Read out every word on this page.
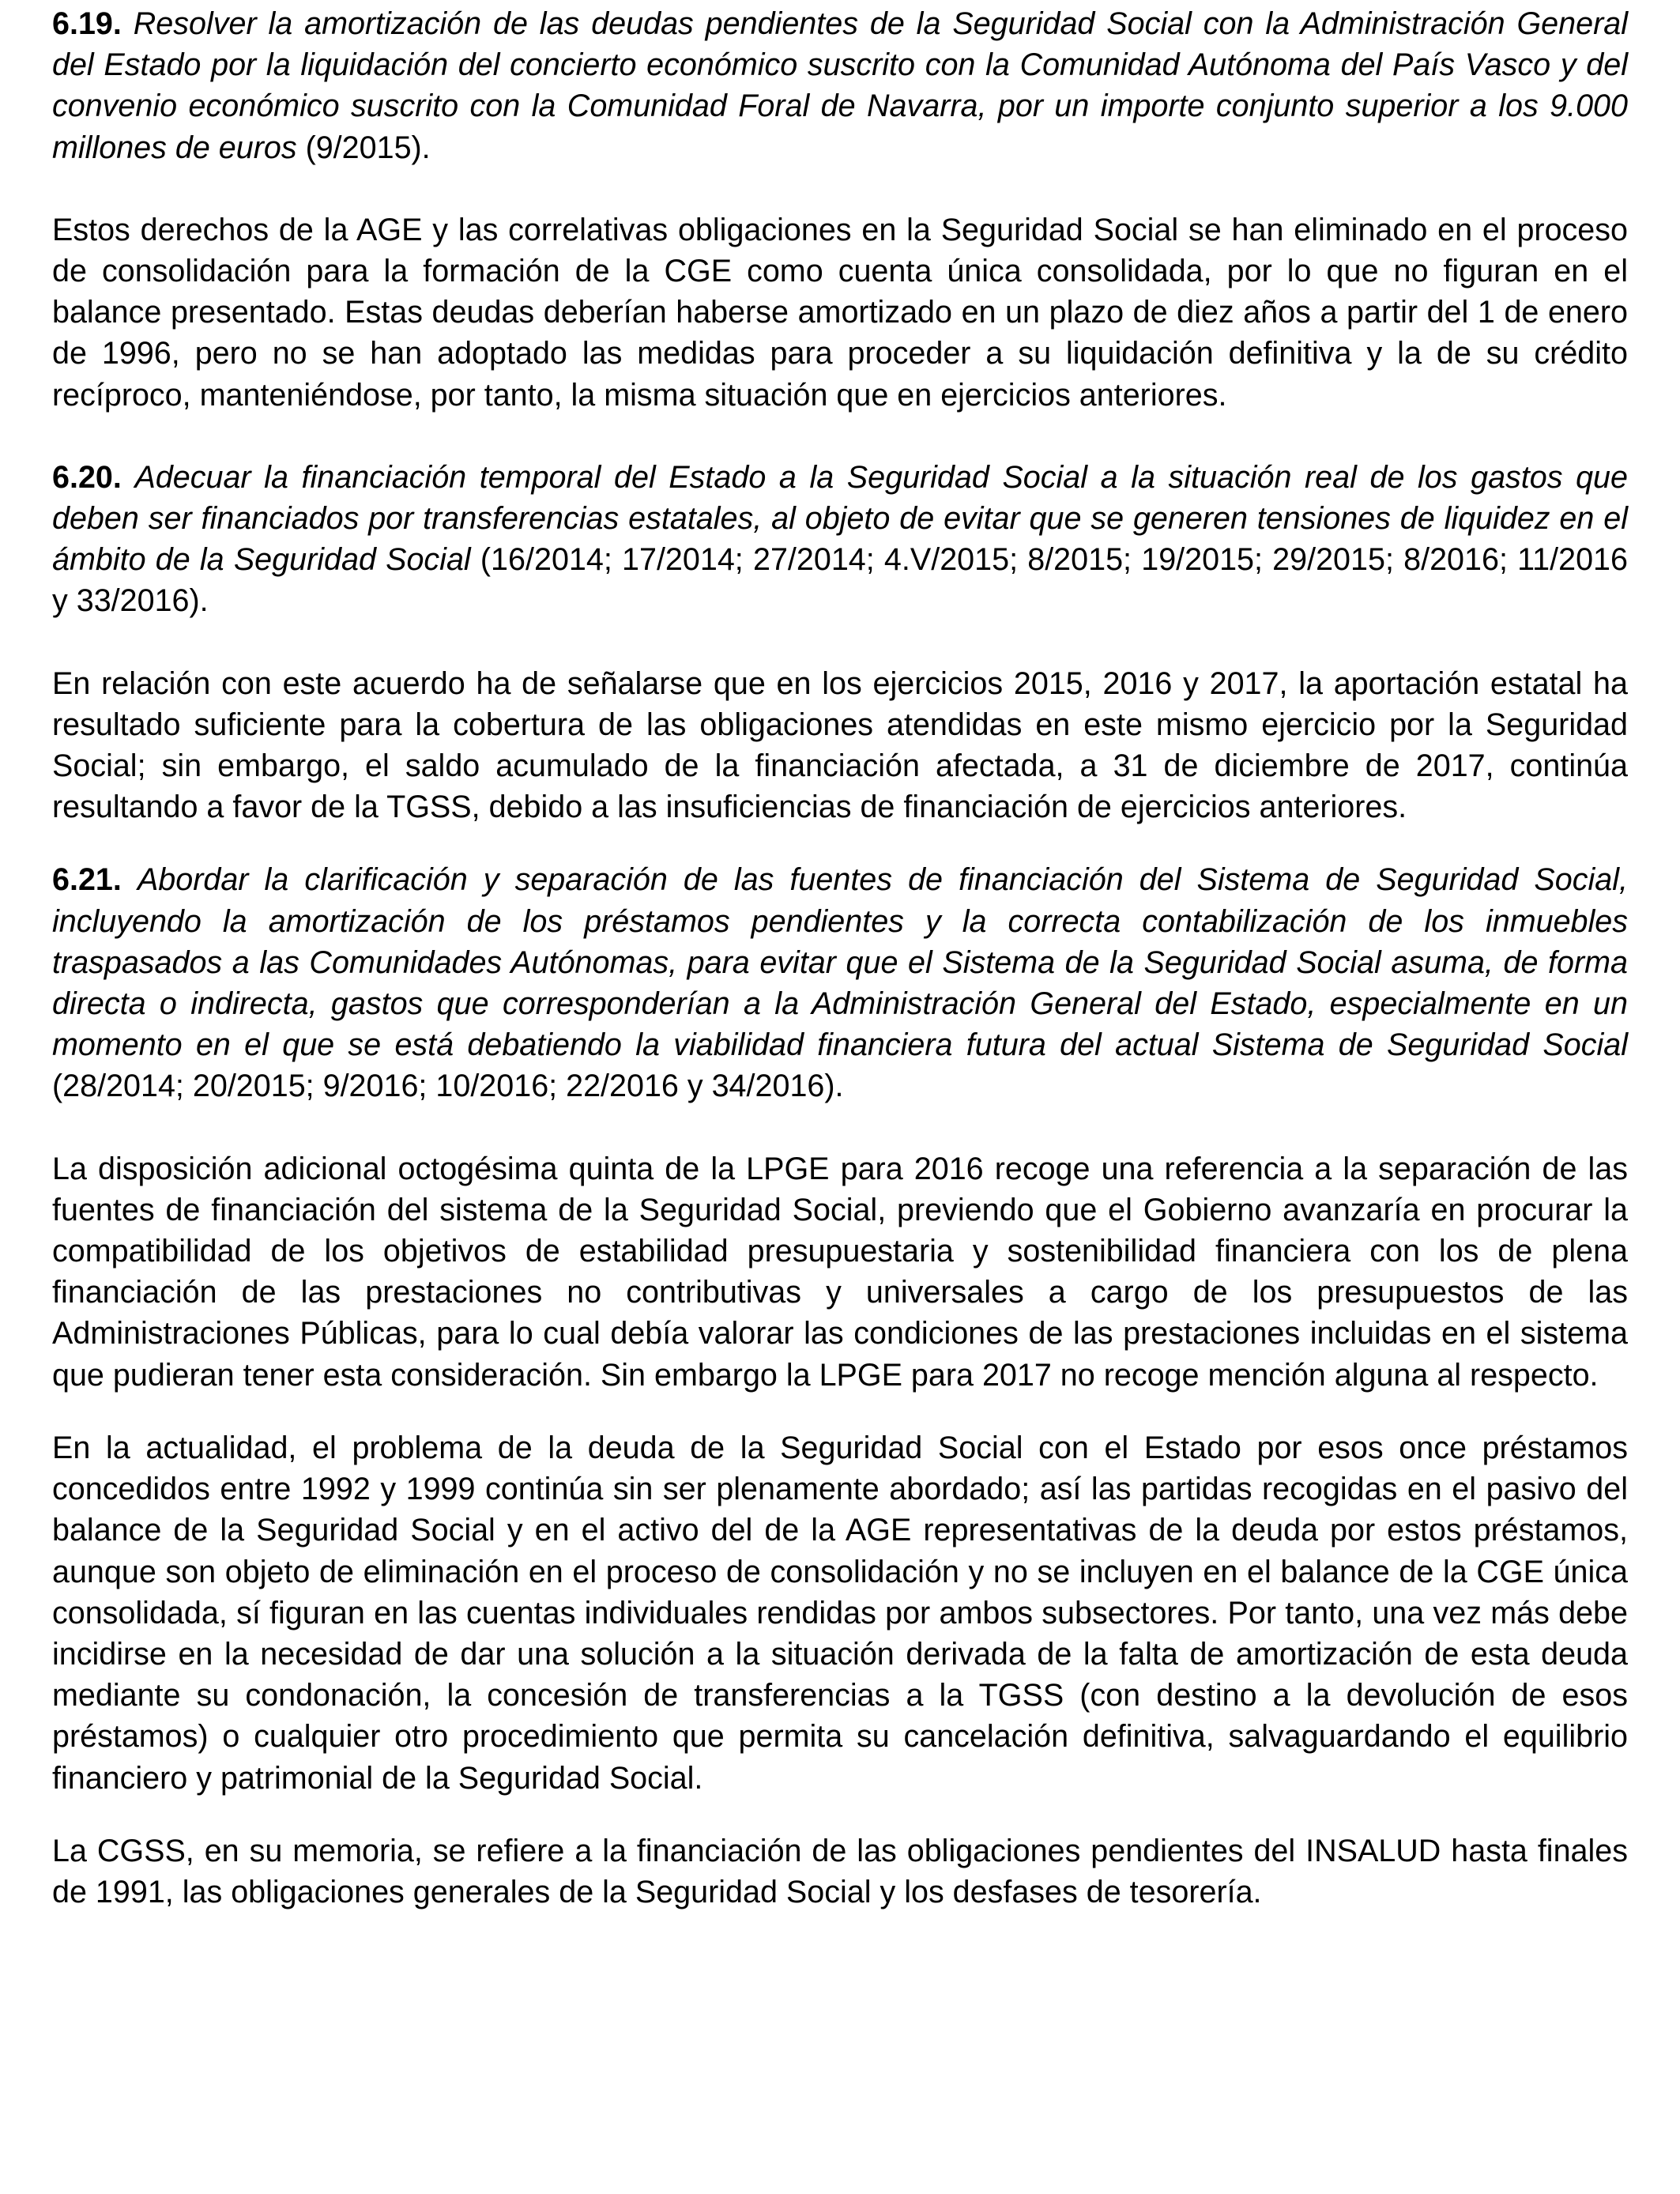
6.19. Resolver la amortización de las deudas pendientes de la Seguridad Social con la Administración General del Estado por la liquidación del concierto económico suscrito con la Comunidad Autónoma del País Vasco y del convenio económico suscrito con la Comunidad Foral de Navarra, por un importe conjunto superior a los 9.000 millones de euros (9/2015).

Estos derechos de la AGE y las correlativas obligaciones en la Seguridad Social se han eliminado en el proceso de consolidación para la formación de la CGE como cuenta única consolidada, por lo que no figuran en el balance presentado. Estas deudas deberían haberse amortizado en un plazo de diez años a partir del 1 de enero de 1996, pero no se han adoptado las medidas para proceder a su liquidación definitiva y la de su crédito recíproco, manteniéndose, por tanto, la misma situación que en ejercicios anteriores.

6.20. Adecuar la financiación temporal del Estado a la Seguridad Social a la situación real de los gastos que deben ser financiados por transferencias estatales, al objeto de evitar que se generen tensiones de liquidez en el ámbito de la Seguridad Social (16/2014; 17/2014; 27/2014; 4.V/2015; 8/2015; 19/2015; 29/2015; 8/2016; 11/2016 y 33/2016).

En relación con este acuerdo ha de señalarse que en los ejercicios 2015, 2016 y 2017, la aportación estatal ha resultado suficiente para la cobertura de las obligaciones atendidas en este mismo ejercicio por la Seguridad Social; sin embargo, el saldo acumulado de la financiación afectada, a 31 de diciembre de 2017, continúa resultando a favor de la TGSS, debido a las insuficiencias de financiación de ejercicios anteriores.

6.21. Abordar la clarificación y separación de las fuentes de financiación del Sistema de Seguridad Social, incluyendo la amortización de los préstamos pendientes y la correcta contabilización de los inmuebles traspasados a las Comunidades Autónomas, para evitar que el Sistema de la Seguridad Social asuma, de forma directa o indirecta, gastos que corresponderían a la Administración General del Estado, especialmente en un momento en el que se está debatiendo la viabilidad financiera futura del actual Sistema de Seguridad Social (28/2014; 20/2015; 9/2016; 10/2016; 22/2016 y 34/2016).

La disposición adicional octogésima quinta de la LPGE para 2016 recoge una referencia a la separación de las fuentes de financiación del sistema de la Seguridad Social, previendo que el Gobierno avanzaría en procurar la compatibilidad de los objetivos de estabilidad presupuestaria y sostenibilidad financiera con los de plena financiación de las prestaciones no contributivas y universales a cargo de los presupuestos de las Administraciones Públicas, para lo cual debía valorar las condiciones de las prestaciones incluidas en el sistema que pudieran tener esta consideración. Sin embargo la LPGE para 2017 no recoge mención alguna al respecto.

En la actualidad, el problema de la deuda de la Seguridad Social con el Estado por esos once préstamos concedidos entre 1992 y 1999 continúa sin ser plenamente abordado; así las partidas recogidas en el pasivo del balance de la Seguridad Social y en el activo del de la AGE representativas de la deuda por estos préstamos, aunque son objeto de eliminación en el proceso de consolidación y no se incluyen en el balance de la CGE única consolidada, sí figuran en las cuentas individuales rendidas por ambos subsectores. Por tanto, una vez más debe incidirse en la necesidad de dar una solución a la situación derivada de la falta de amortización de esta deuda mediante su condonación, la concesión de transferencias a la TGSS (con destino a la devolución de esos préstamos) o cualquier otro procedimiento que permita su cancelación definitiva, salvaguardando el equilibrio financiero y patrimonial de la Seguridad Social.

La CGSS, en su memoria, se refiere a la financiación de las obligaciones pendientes del INSALUD hasta finales de 1991, las obligaciones generales de la Seguridad Social y los desfases de tesorería.
